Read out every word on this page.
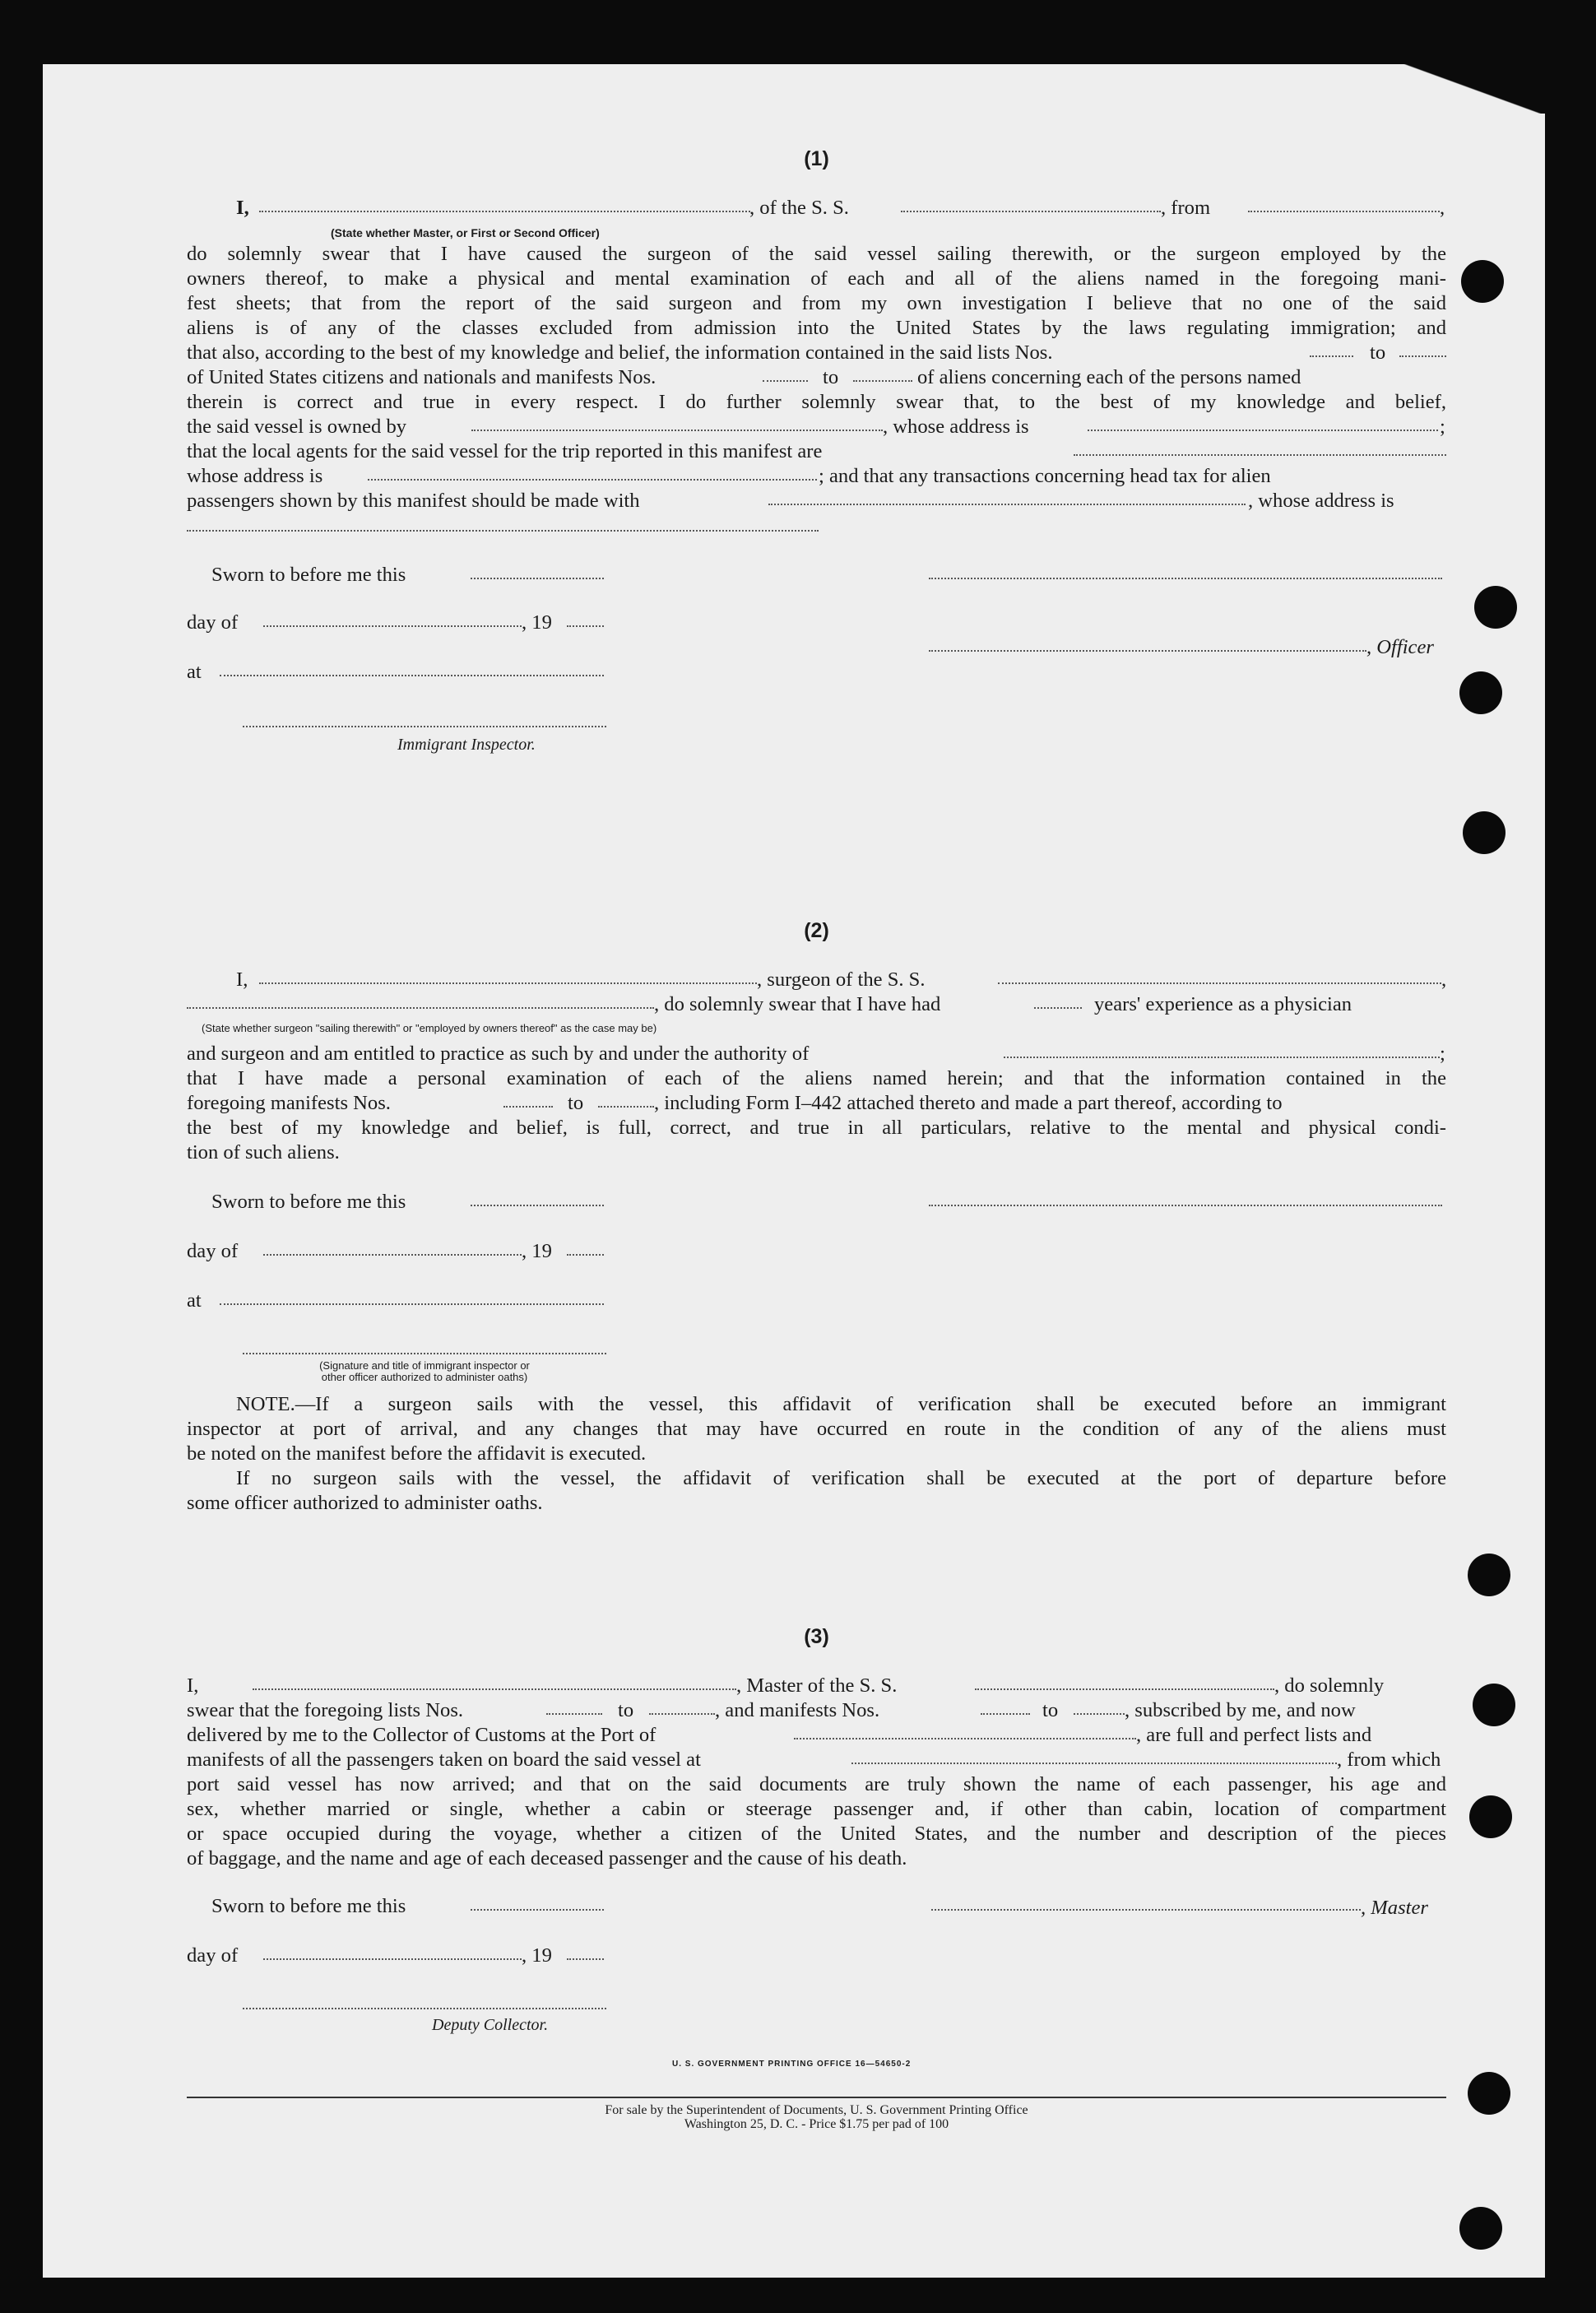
(1)
I,	, of the S. S.	, from	,
(State whether Master, or First or Second Officer)
do solemnly swear that I have caused the surgeon of the said vessel sailing therewith, or the surgeon employed by the
owners thereof, to make a physical and mental examination of each and all of the aliens named in the foregoing mani-
fest sheets; that from the report of the said surgeon and from my own investigation I believe that no one of the said
aliens is of any of the classes excluded from admission into the United States by the laws regulating immigration; and
that also, according to the best of my knowledge and belief, the information contained in the said lists Nos.	to
of United States citizens and nationals and manifests Nos.	to	of aliens concerning each of the persons named
therein is correct and true in every respect. I do further solemnly swear that, to the best of my knowledge and belief,
the said vessel is owned by	, whose address is	;
that the local agents for the said vessel for the trip reported in this manifest are
whose address is	; and that any transactions concerning head tax for alien
passengers shown by this manifest should be made with	, whose address is
Sworn to before me this
day of	, 19
, Officer
at
Immigrant Inspector.
(2)
I,	, surgeon of the S. S.	,
, do solemnly swear that I have had	years' experience as a physician
(State whether surgeon "sailing therewith" or "employed by owners thereof" as the case may be)
and surgeon and am entitled to practice as such by and under the authority of	;
that I have made a personal examination of each of the aliens named herein; and that the information contained in the
foregoing manifests Nos.	to	, including Form I–442 attached thereto and made a part thereof, according to
the best of my knowledge and belief, is full, correct, and true in all particulars, relative to the mental and physical condi-
tion of such aliens.
Sworn to before me this
day of	, 19
at
(Signature and title of immigrant inspector or
other officer authorized to administer oaths)
NOTE.—If a surgeon sails with the vessel, this affidavit of verification shall be executed before an immigrant
inspector at port of arrival, and any changes that may have occurred en route in the condition of any of the aliens must
be noted on the manifest before the affidavit is executed.
If no surgeon sails with the vessel, the affidavit of verification shall be executed at the port of departure before
some officer authorized to administer oaths.
(3)
I,	, Master of the S. S.	, do solemnly
swear that the foregoing lists Nos.	to	, and manifests Nos.	to	, subscribed by me, and now
delivered by me to the Collector of Customs at the Port of	, are full and perfect lists and
manifests of all the passengers taken on board the said vessel at	, from which
port said vessel has now arrived; and that on the said documents are truly shown the name of each passenger, his age and
sex, whether married or single, whether a cabin or steerage passenger and, if other than cabin, location of compartment
or space occupied during the voyage, whether a citizen of the United States, and the number and description of the pieces
of baggage, and the name and age of each deceased passenger and the cause of his death.
Sworn to before me this	, Master
day of	, 19
Deputy Collector.
U. S. GOVERNMENT PRINTING OFFICE 16—54650-2
For sale by the Superintendent of Documents, U. S. Government Printing Office
Washington 25, D. C. - Price $1.75 per pad of 100
